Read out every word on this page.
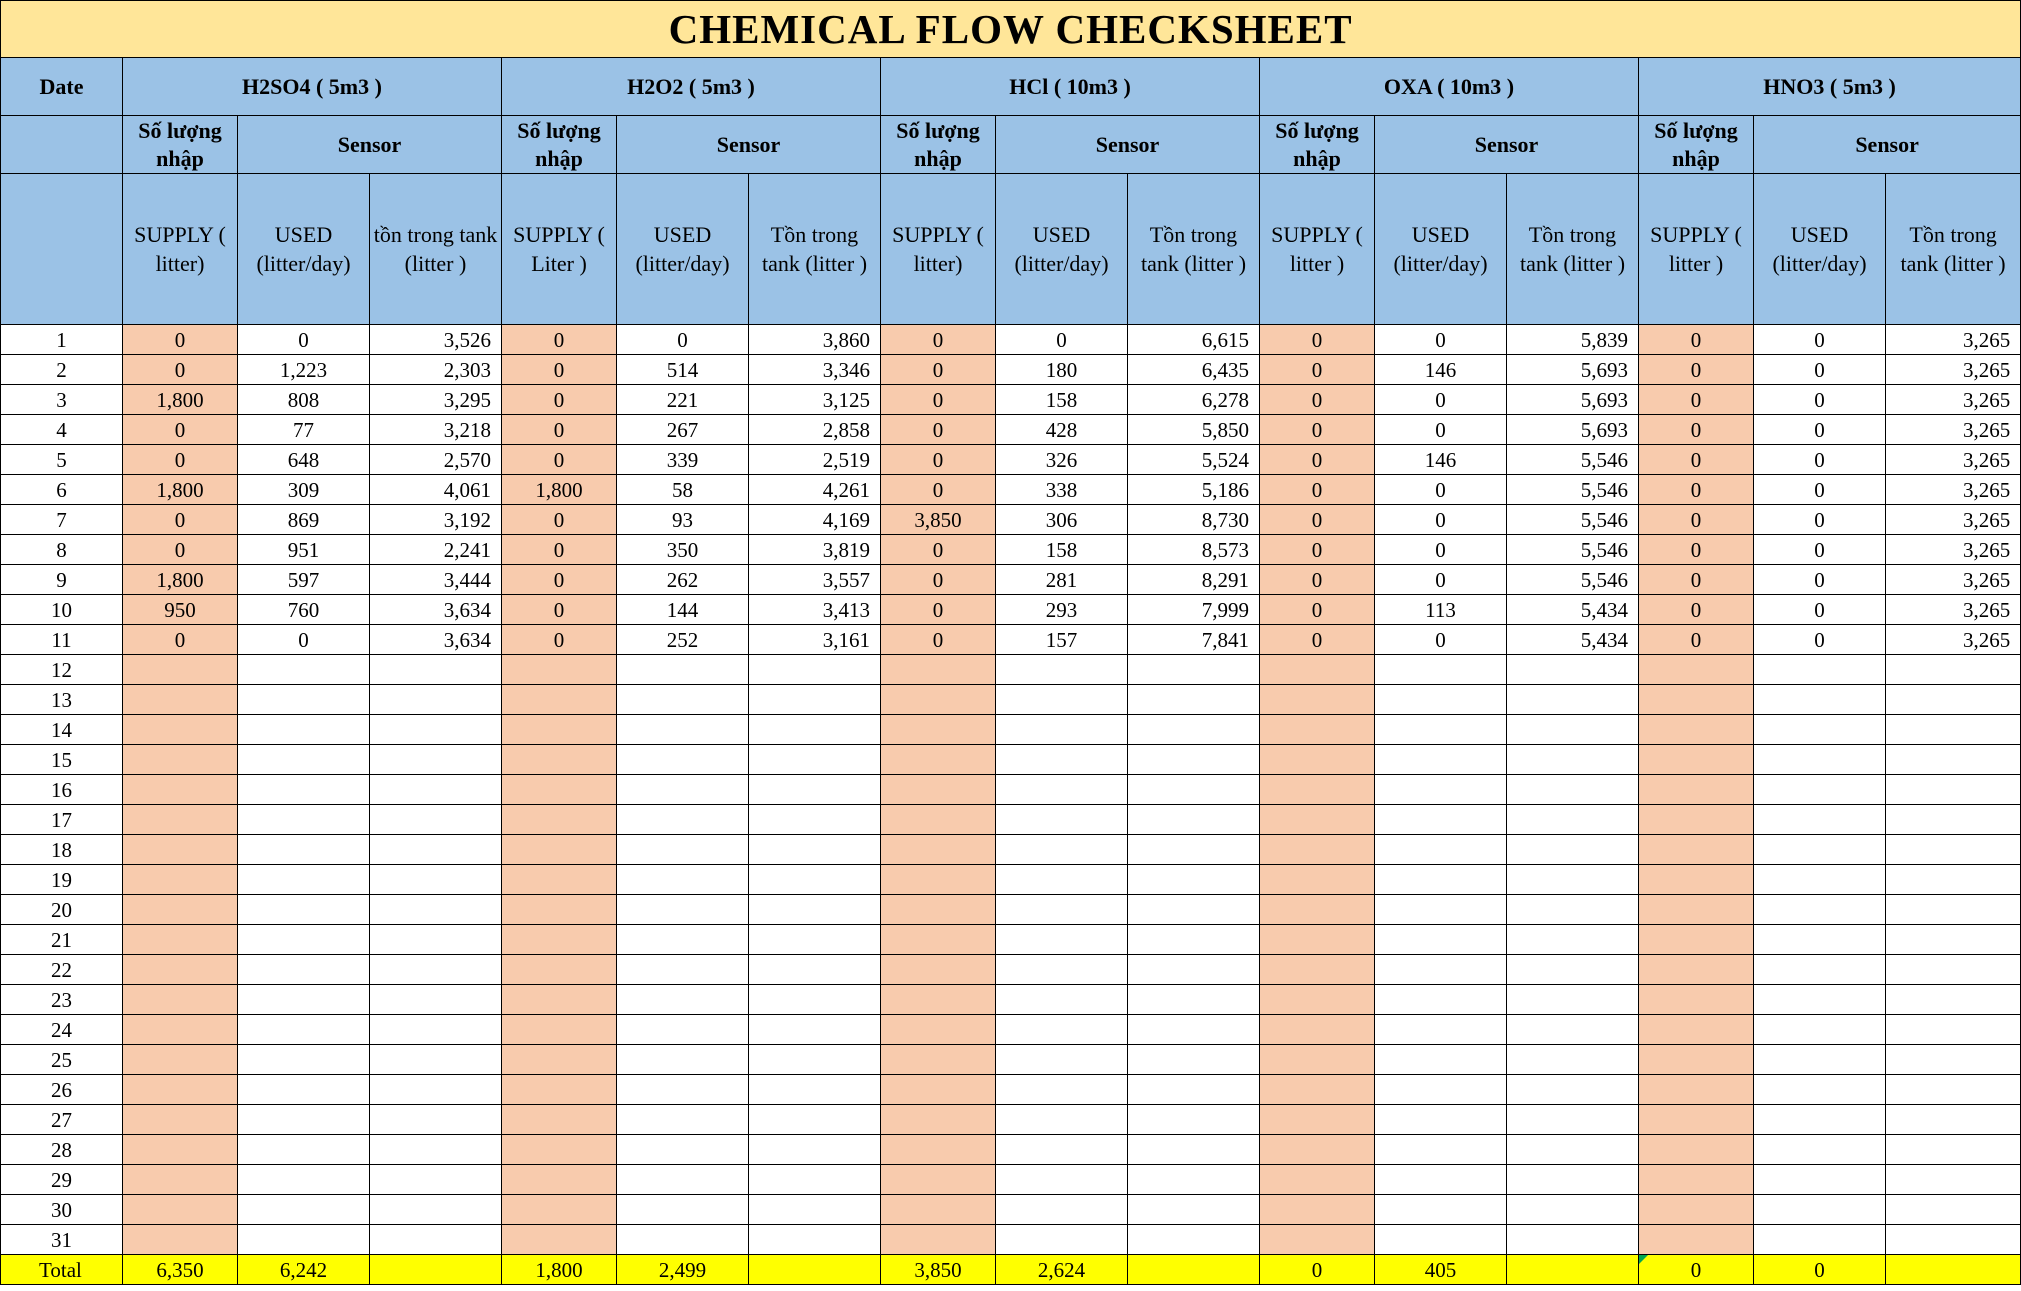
CHEMICAL FLOW CHECKSHEET															
Date	H2SO4 ( 5m3 )			H2O2 ( 5m3 )			HCl ( 10m3 )			OXA ( 10m3 )			HNO3 ( 5m3 )		
	Số lượng nhập	Sensor		Số lượng nhập	Sensor		Số lượng nhập	Sensor		Số lượng nhập	Sensor		Số lượng nhập	Sensor	
	SUPPLY ( litter)	USED (litter/day)	tồn trong tank (litter )	SUPPLY ( Liter )	USED (litter/day)	Tồn trong tank (litter )	SUPPLY ( litter)	USED (litter/day)	Tồn trong tank (litter )	SUPPLY ( litter )	USED (litter/day)	Tồn trong tank (litter )	SUPPLY ( litter )	USED (litter/day)	Tồn trong tank (litter )
1	0	0	3,526	0	0	3,860	0	0	6,615	0	0	5,839	0	0	3,265
2	0	1,223	2,303	0	514	3,346	0	180	6,435	0	146	5,693	0	0	3,265
3	1,800	808	3,295	0	221	3,125	0	158	6,278	0	0	5,693	0	0	3,265
4	0	77	3,218	0	267	2,858	0	428	5,850	0	0	5,693	0	0	3,265
5	0	648	2,570	0	339	2,519	0	326	5,524	0	146	5,546	0	0	3,265
6	1,800	309	4,061	1,800	58	4,261	0	338	5,186	0	0	5,546	0	0	3,265
7	0	869	3,192	0	93	4,169	3,850	306	8,730	0	0	5,546	0	0	3,265
8	0	951	2,241	0	350	3,819	0	158	8,573	0	0	5,546	0	0	3,265
9	1,800	597	3,444	0	262	3,557	0	281	8,291	0	0	5,546	0	0	3,265
10	950	760	3,634	0	144	3,413	0	293	7,999	0	113	5,434	0	0	3,265
11	0	0	3,634	0	252	3,161	0	157	7,841	0	0	5,434	0	0	3,265
12															
13															
14															
15															
16															
17															
18															
19															
20															
21															
22															
23															
24															
25															
26															
27															
28															
29															
30															
31															
Total	6,350	6,242		1,800	2,499		3,850	2,624		0	405		0	0	
